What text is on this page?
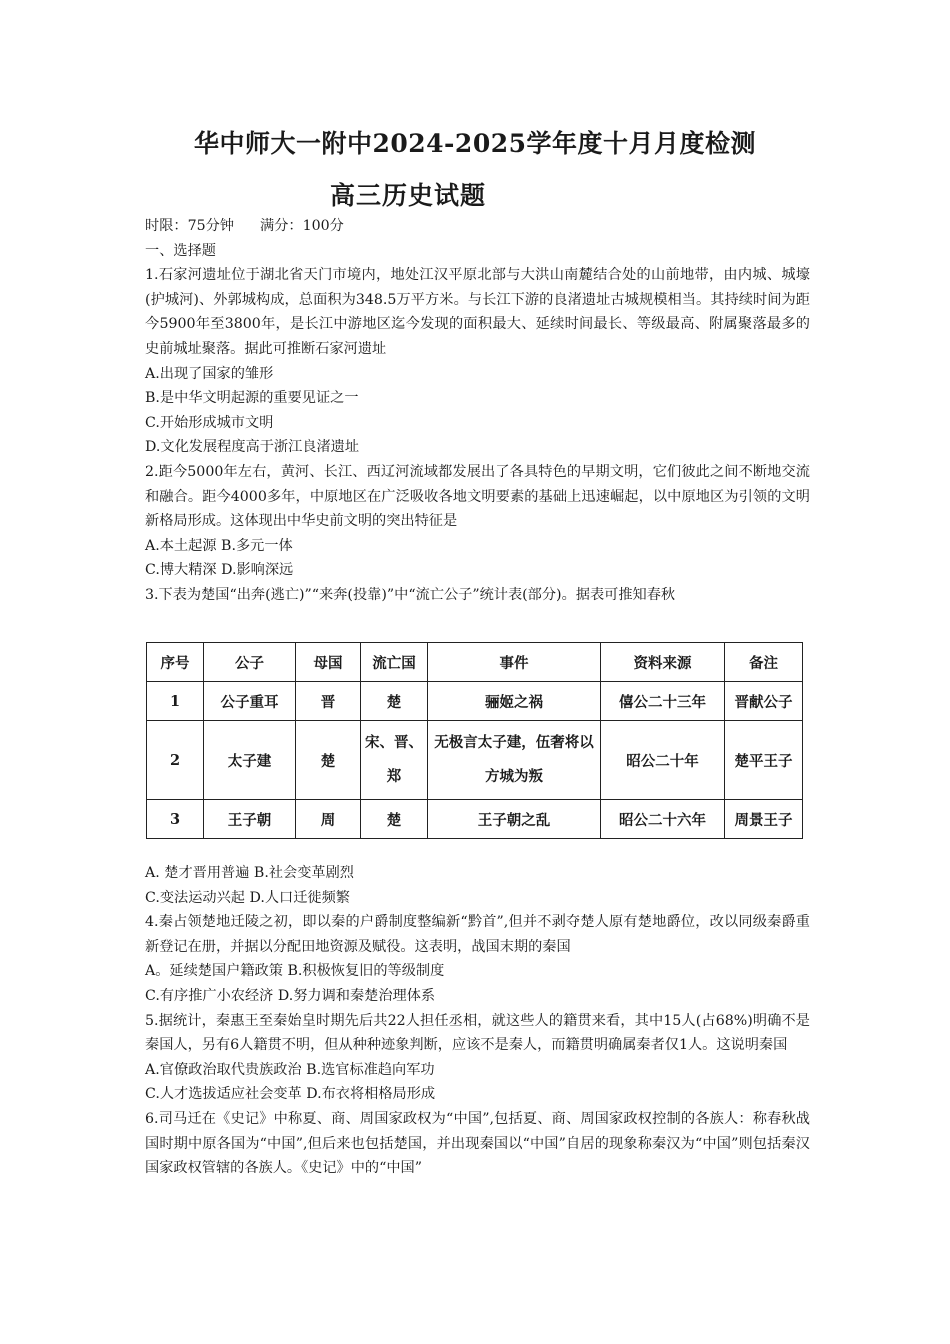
华中师大一附中2024-2025学年度十月月度检测
高三历史试题
时限：75分钟 满分：100分
一、选择题

1.石家河遗址位于湖北省天门市境内，地处江汉平原北部与大洪山南麓结合处的山前地带，由内城、城壕(护城河)、外郭城构成，总面积为348.5万平方米。与长江下游的良渚遗址古城规模相当。其持续时间为距今5900年至3800年，是长江中游地区迄今发现的面积最大、延续时间最长、等级最高、附属聚落最多的史前城址聚落。据此可推断石家河遗址

A.出现了国家的雏形

B.是中华文明起源的重要见证之一

C.开始形成城市文明

D.文化发展程度高于浙江良渚遗址

2.距今5000年左右，黄河、长江、西辽河流域都发展出了各具特色的早期文明，它们彼此之间不断地交流和融合。距今4000多年，中原地区在广泛吸收各地文明要素的基础上迅速崛起，以中原地区为引领的文明新格局形成。这体现出中华史前文明的突出特征是

A.本土起源 B.多元一体

C.博大精深 D.影响深远

3.下表为楚国“出奔(逃亡)”“来奔(投靠)”中“流亡公子”统计表(部分)。据表可推知春秋

序号	公子	母国	流亡国	事件	资料来源	备注
1	公子重耳	晋	楚	骊姬之祸	僖公二十三年	晋献公子
2	太子建	楚	宋、晋、郑	无极言太子建，伍奢将以方城为叛	昭公二十年	楚平王子
3	王子朝	周	楚	王子朝之乱	昭公二十六年	周景王子

A. 楚才晋用普遍 B.社会变革剧烈

C.变法运动兴起 D.人口迁徙频繁

4.秦占领楚地迁陵之初，即以秦的户爵制度整编新“黔首”,但并不剥夺楚人原有楚地爵位，改以同级秦爵重新登记在册，并据以分配田地资源及赋役。这表明，战国末期的秦国

A。延续楚国户籍政策 B.积极恢复旧的等级制度

C.有序推广小农经济 D.努力调和秦楚治理体系

5.据统计，秦惠王至秦始皇时期先后共22人担任丞相，就这些人的籍贯来看，其中15人(占68%)明确不是秦国人，另有6人籍贯不明，但从种种迹象判断，应该不是秦人，而籍贯明确属秦者仅1人。这说明秦国

A.官僚政治取代贵族政治 B.选官标准趋向军功

C.人才选拔适应社会变革 D.布衣将相格局形成

6.司马迁在《史记》中称夏、商、周国家政权为“中国”,包括夏、商、周国家政权控制的各族人：称春秋战国时期中原各国为“中国”,但后来也包括楚国，并出现秦国以“中国”自居的现象称秦汉为“中国”则包括秦汉国家政权管辖的各族人。《史记》中的“中国”
